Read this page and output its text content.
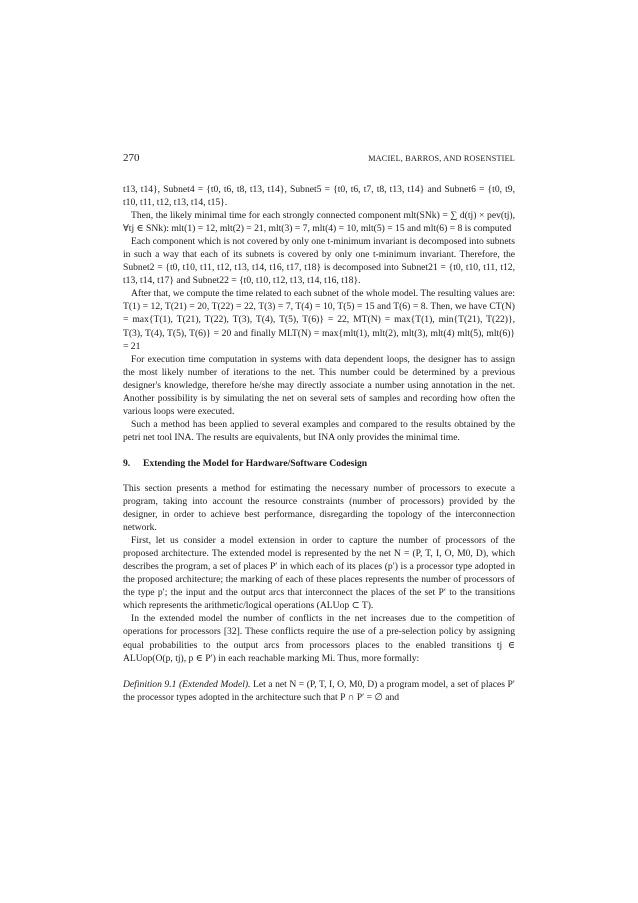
270	MACIEL, BARROS, AND ROSENSTIEL

t13, t14}, Subnet4 = {t0, t6, t8, t13, t14}, Subnet5 = {t0, t6, t7, t8, t13, t14} and Subnet6 = {t0, t9, t10, t11, t12, t13, t14, t15}.

Then, the likely minimal time for each strongly connected component mlt(SNk) = ∑ d(tj) × pev(tj), ∀tj ∈ SNk): mlt(1) = 12, mlt(2) = 21, mlt(3) = 7, mlt(4) = 10, mlt(5) = 15 and mlt(6) = 8 is computed

Each component which is not covered by only one t-minimum invariant is decomposed into subnets in such a way that each of its subnets is covered by only one t-minimum invariant. Therefore, the Subnet2 = {t0, t10, t11, t12, t13, t14, t16, t17, t18} is decomposed into Subnet21 = {t0, t10, t11, t12, t13, t14, t17} and Subnet22 = {t0, t10, t12, t13, t14, t16, t18}.

After that, we compute the time related to each subnet of the whole model. The resulting values are: T(1) = 12, T(21) = 20, T(22) = 22, T(3) = 7, T(4) = 10, T(5) = 15 and T(6) = 8. Then, we have CT(N) = max{T(1), T(21), T(22), T(3), T(4), T(5), T(6)} = 22, MT(N) = max{T(1), min{T(21), T(22)}, T(3), T(4), T(5), T(6)} = 20 and finally MLT(N) = max{mlt(1), mlt(2), mlt(3), mlt(4) mlt(5), mlt(6)} = 21

For execution time computation in systems with data dependent loops, the designer has to assign the most likely number of iterations to the net. This number could be determined by a previous designer's knowledge, therefore he/she may directly associate a number using annotation in the net. Another possibility is by simulating the net on several sets of samples and recording how often the various loops were executed.

Such a method has been applied to several examples and compared to the results obtained by the petri net tool INA. The results are equivalents, but INA only provides the minimal time.

9. Extending the Model for Hardware/Software Codesign

This section presents a method for estimating the necessary number of processors to execute a program, taking into account the resource constraints (number of processors) provided by the designer, in order to achieve best performance, disregarding the topology of the interconnection network.

First, let us consider a model extension in order to capture the number of processors of the proposed architecture. The extended model is represented by the net N = (P, T, I, O, M0, D), which describes the program, a set of places P′ in which each of its places (p′) is a processor type adopted in the proposed architecture; the marking of each of these places represents the number of processors of the type p′; the input and the output arcs that interconnect the places of the set P′ to the transitions which represents the arithmetic/logical operations (ALUop ⊂ T).

In the extended model the number of conflicts in the net increases due to the competition of operations for processors [32]. These conflicts require the use of a pre-selection policy by assigning equal probabilities to the output arcs from processors places to the enabled transitions tj ∈ ALUop(O(p, tj), p ∈ P′) in each reachable marking Mi. Thus, more formally:

Definition 9.1 (Extended Model). Let a net N = (P, T, I, O, M0, D) a program model, a set of places P′ the processor types adopted in the architecture such that P ∩ P′ = ∅ and
